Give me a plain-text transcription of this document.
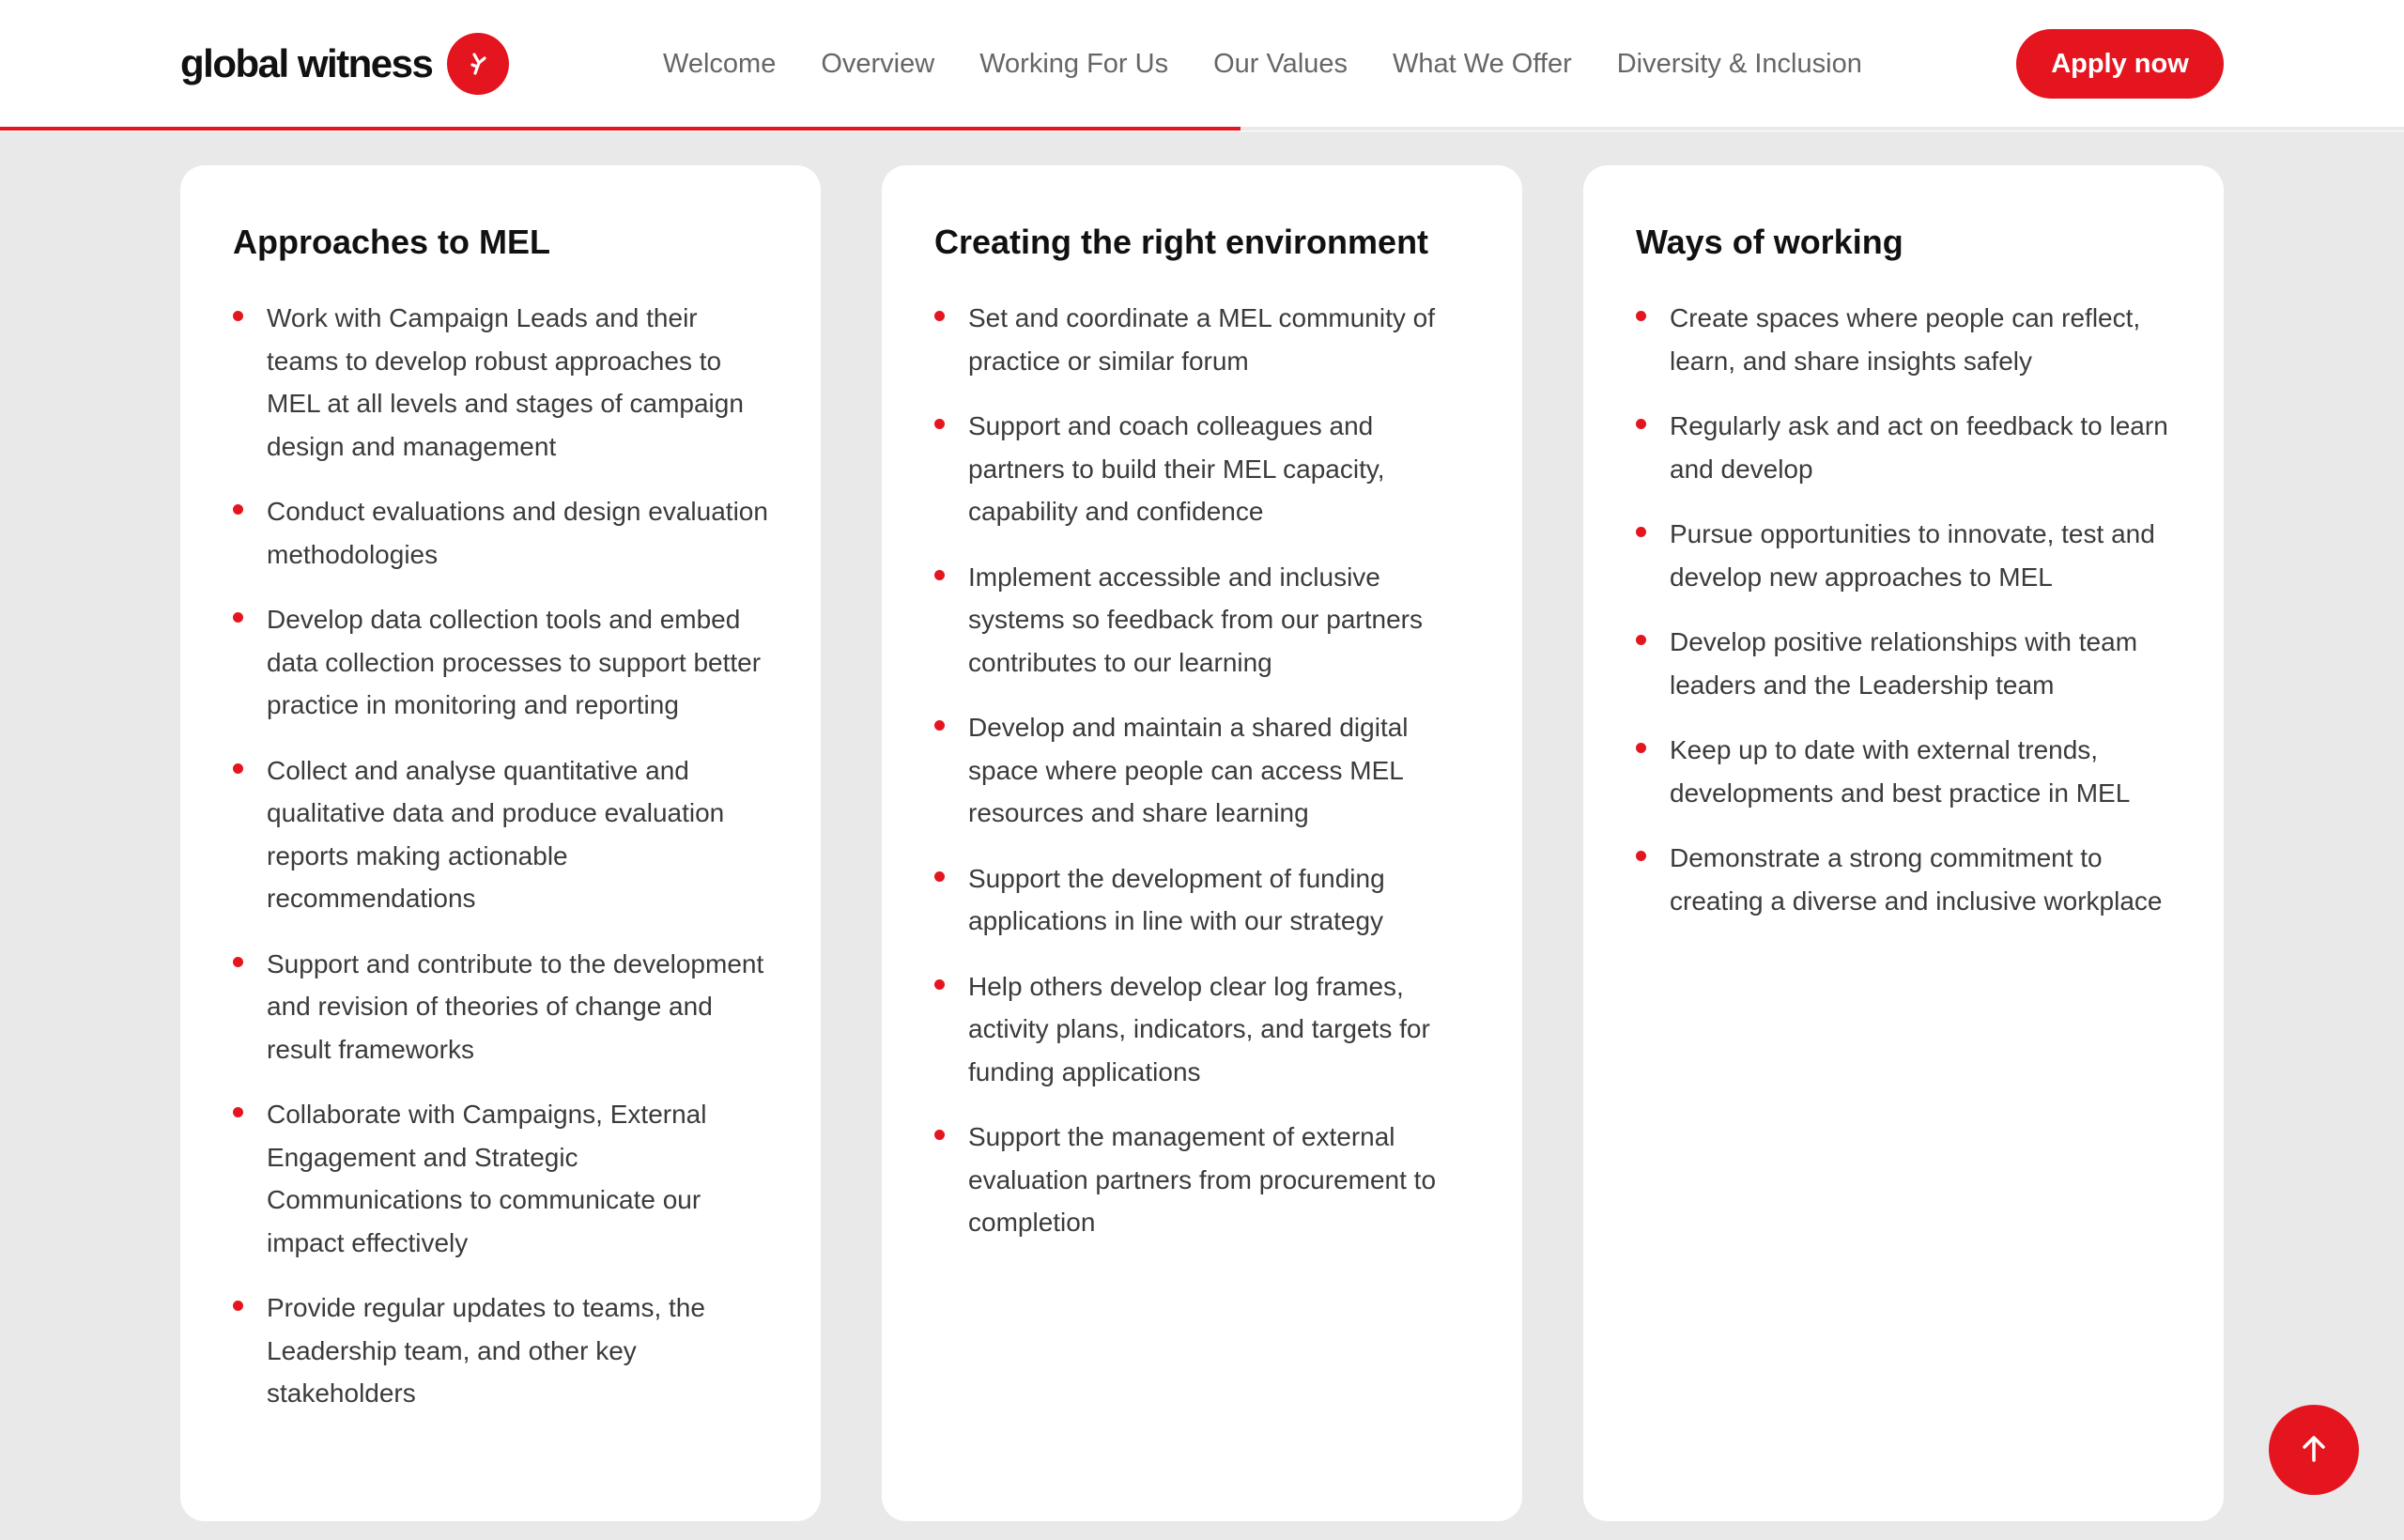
global witness	Welcome Overview Working For Us Our Values What We Offer Diversity & Inclusion	Apply now
Approaches to MEL
Work with Campaign Leads and their teams to develop robust approaches to MEL at all levels and stages of campaign design and management
Conduct evaluations and design evaluation methodologies
Develop data collection tools and embed data collection processes to support better practice in monitoring and reporting
Collect and analyse quantitative and qualitative data and produce evaluation reports making actionable recommendations
Support and contribute to the development and revision of theories of change and result frameworks
Collaborate with Campaigns, External Engagement and Strategic Communications to communicate our impact effectively
Provide regular updates to teams, the Leadership team, and other key stakeholders
Creating the right environment
Set and coordinate a MEL community of practice or similar forum
Support and coach colleagues and partners to build their MEL capacity, capability and confidence
Implement accessible and inclusive systems so feedback from our partners contributes to our learning
Develop and maintain a shared digital space where people can access MEL resources and share learning
Support the development of funding applications in line with our strategy
Help others develop clear log frames, activity plans, indicators, and targets for funding applications
Support the management of external evaluation partners from procurement to completion
Ways of working
Create spaces where people can reflect, learn, and share insights safely
Regularly ask and act on feedback to learn and develop
Pursue opportunities to innovate, test and develop new approaches to MEL
Develop positive relationships with team leaders and the Leadership team
Keep up to date with external trends, developments and best practice in MEL
Demonstrate a strong commitment to creating a diverse and inclusive workplace
